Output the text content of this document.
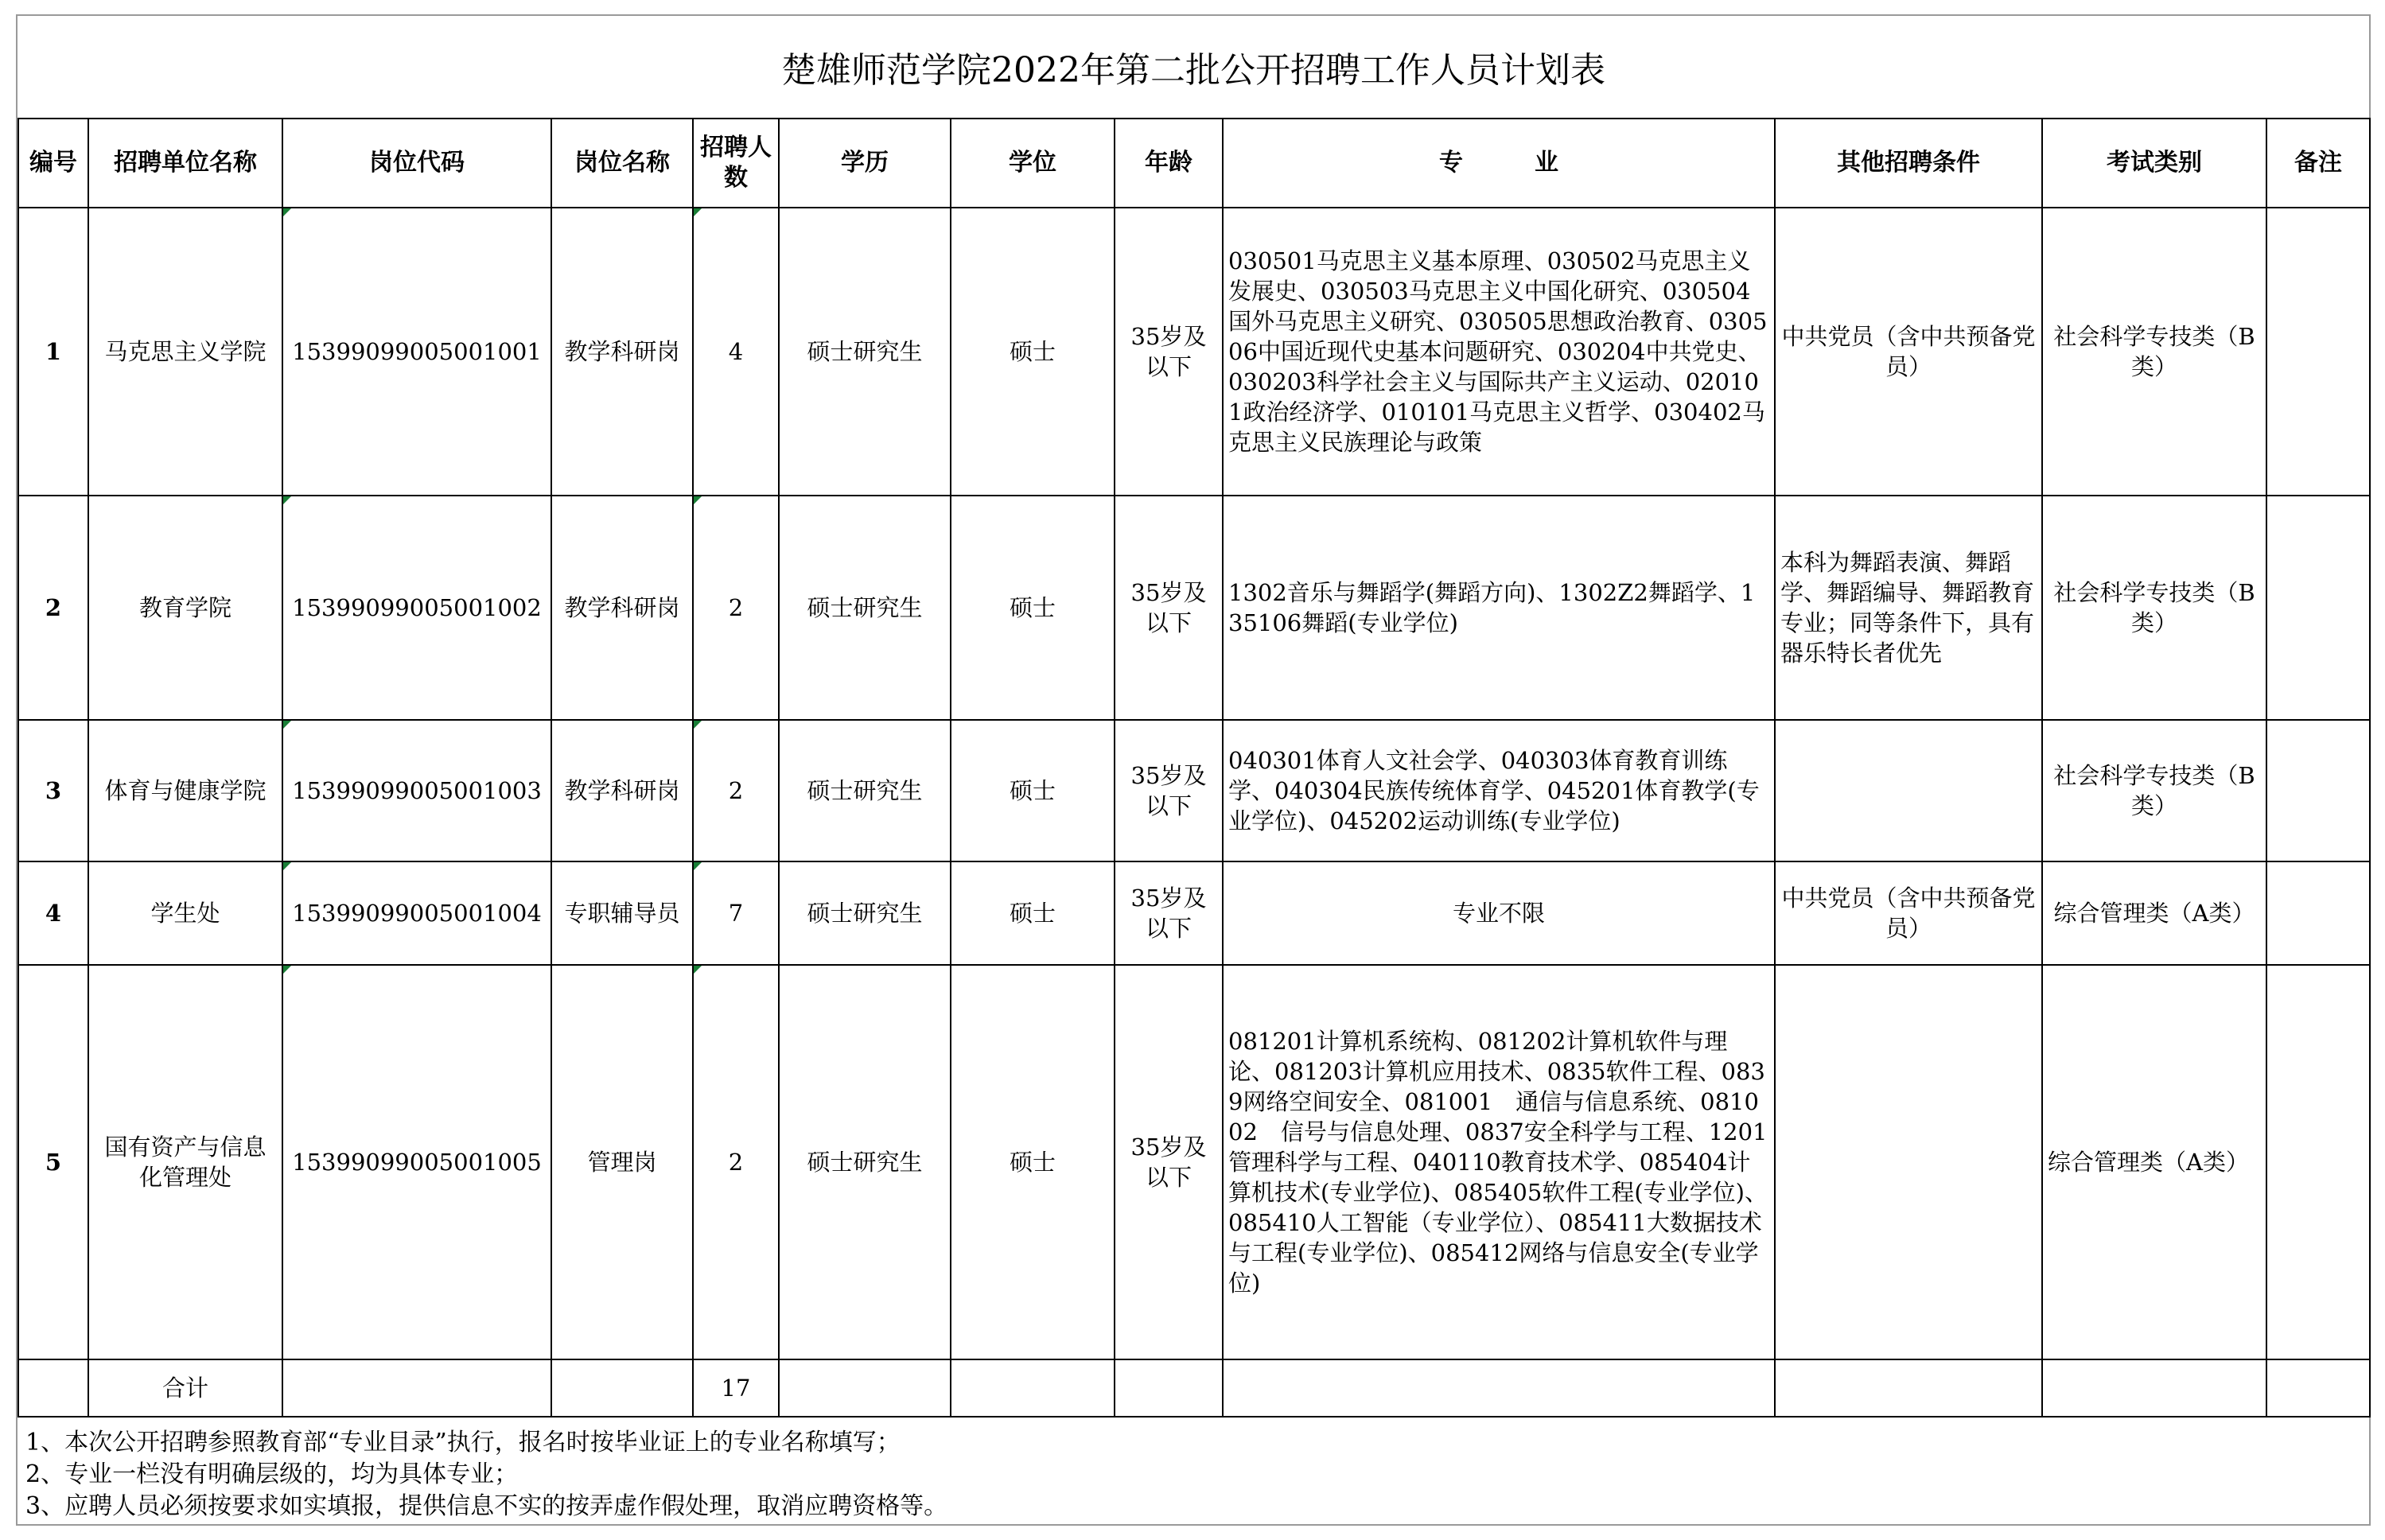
楚雄师范学院2022年第二批公开招聘工作人员计划表
编号	招聘单位名称	岗位代码	岗位名称	招聘人数	学历	学位	年龄	专　　　业	其他招聘条件	考试类别	备注
1	马克思主义学院	15399099005001001	教学科研岗	4	硕士研究生	硕士	35岁及以下	030501马克思主义基本原理、030502马克思主义发展史、030503马克思主义中国化研究、030504国外马克思主义研究、030505思想政治教育、030506中国近现代史基本问题研究、030204中共党史、030203科学社会主义与国际共产主义运动、020101政治经济学、010101马克思主义哲学、030402马克思主义民族理论与政策	中共党员（含中共预备党员）	社会科学专技类（B类）	
2	教育学院	15399099005001002	教学科研岗	2	硕士研究生	硕士	35岁及以下	1302音乐与舞蹈学(舞蹈方向)、1302Z2舞蹈学、135106舞蹈(专业学位)	本科为舞蹈表演、舞蹈学、舞蹈编导、舞蹈教育专业；同等条件下，具有器乐特长者优先	社会科学专技类（B类）	
3	体育与健康学院	15399099005001003	教学科研岗	2	硕士研究生	硕士	35岁及以下	040301体育人文社会学、040303体育教育训练学、040304民族传统体育学、045201体育教学(专业学位)、045202运动训练(专业学位)		社会科学专技类（B类）	
4	学生处	15399099005001004	专职辅导员	7	硕士研究生	硕士	35岁及以下	专业不限	中共党员（含中共预备党员）	综合管理类（A类）	
5	国有资产与信息化管理处	15399099005001005	管理岗	2	硕士研究生	硕士	35岁及以下	081201计算机系统构、081202计算机软件与理论、081203计算机应用技术、0835软件工程、0839网络空间安全、081001　通信与信息系统、081002　信号与信息处理、0837安全科学与工程、1201管理科学与工程、040110教育技术学、085404计算机技术(专业学位)、085405软件工程(专业学位)、085410人工智能（专业学位）、085411大数据技术与工程(专业学位)、085412网络与信息安全(专业学位)		综合管理类（A类）	
	合计			17							
1、本次公开招聘参照教育部“专业目录”执行，报名时按毕业证上的专业名称填写；
2、专业一栏没有明确层级的，均为具体专业；
3、应聘人员必须按要求如实填报，提供信息不实的按弄虚作假处理，取消应聘资格等。
